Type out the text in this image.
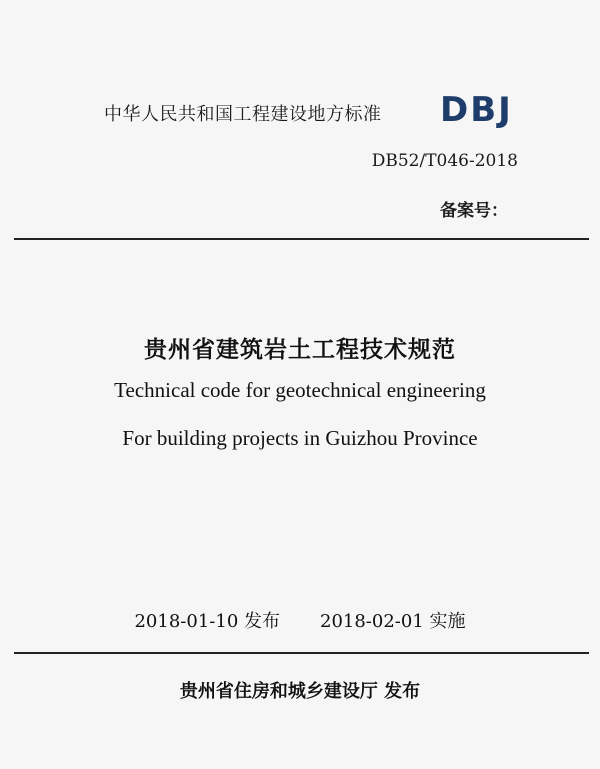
中华人民共和国工程建设地方标准 DBJ
DB52/T046-2018
备案号：
贵州省建筑岩土工程技术规范
Technical code for geotechnical engineering
For building projects in Guizhou Province
2018-01-10 发布 2018-02-01 实施
贵州省住房和城乡建设厅 发布
